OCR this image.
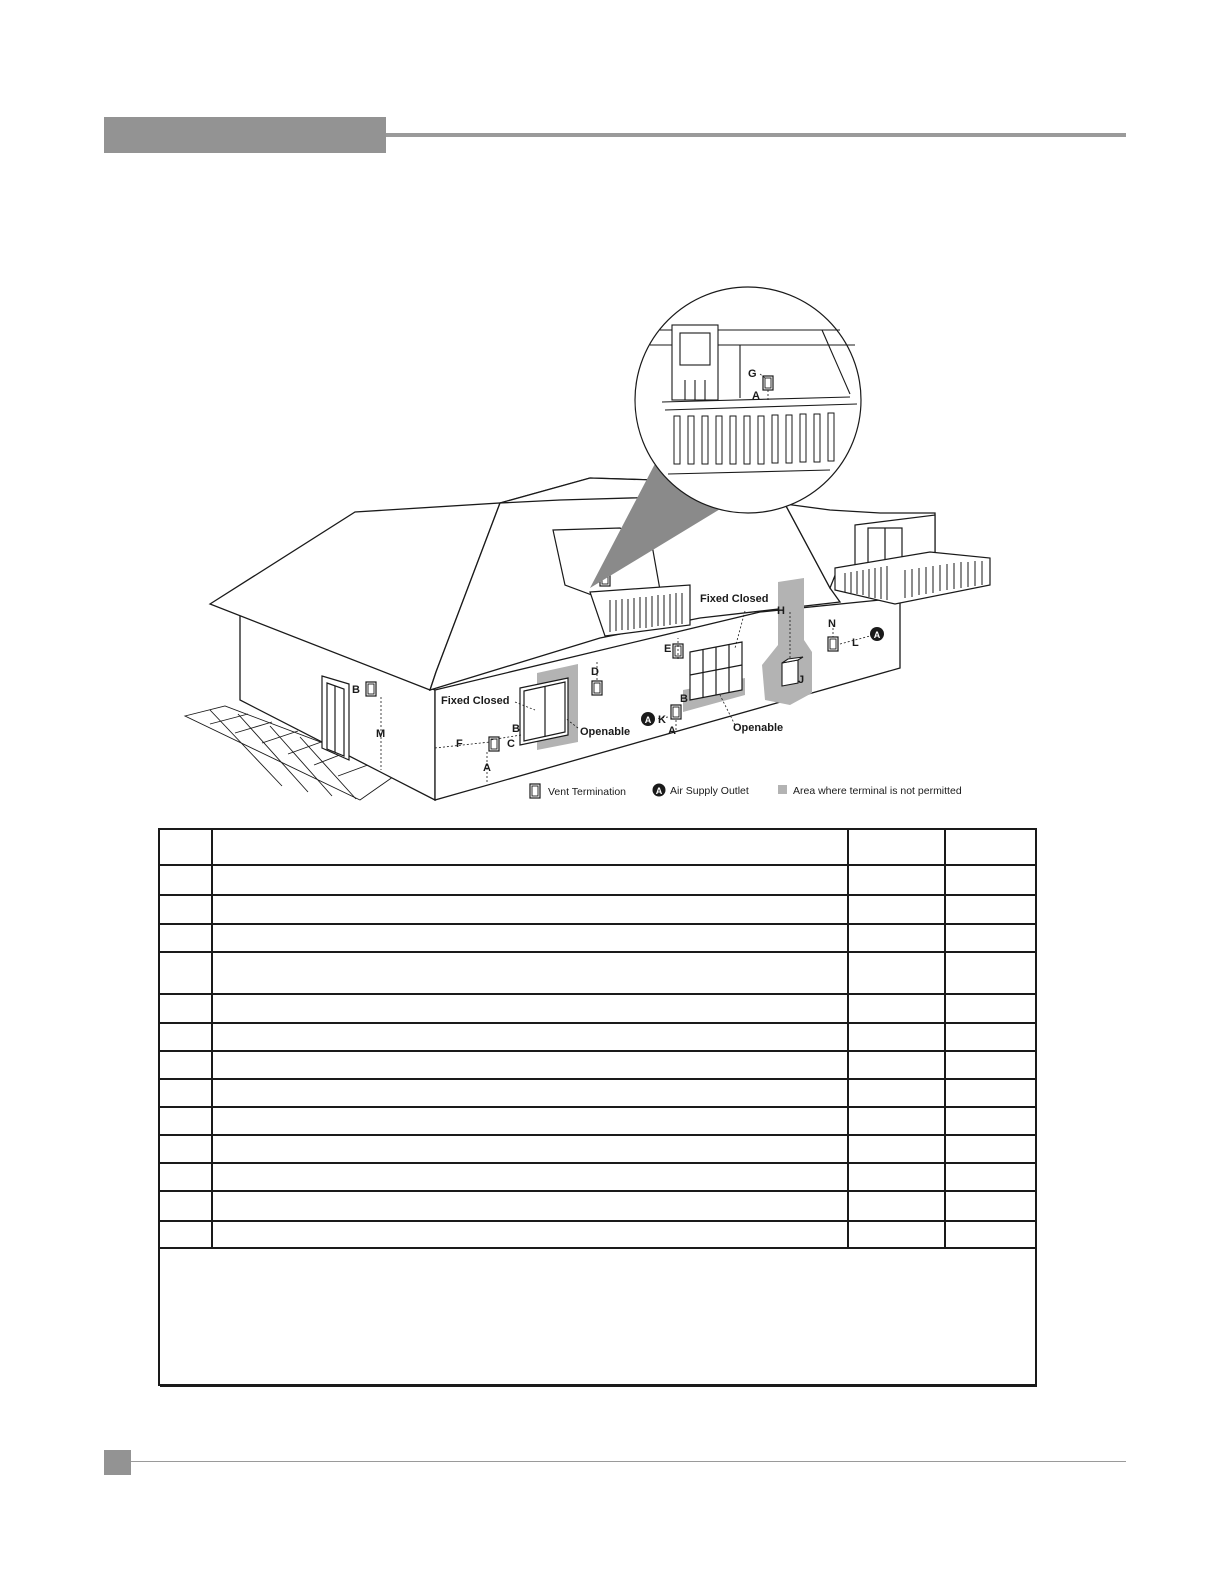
A
A
G
A
Fixed Closed
H
N
L
E
D
B
Fixed Closed	B
J
M	B	Openable
K
A	Openable
F	C
A
Vent Termination	A Air Supply Outlet	Area where terminal is not permitted
